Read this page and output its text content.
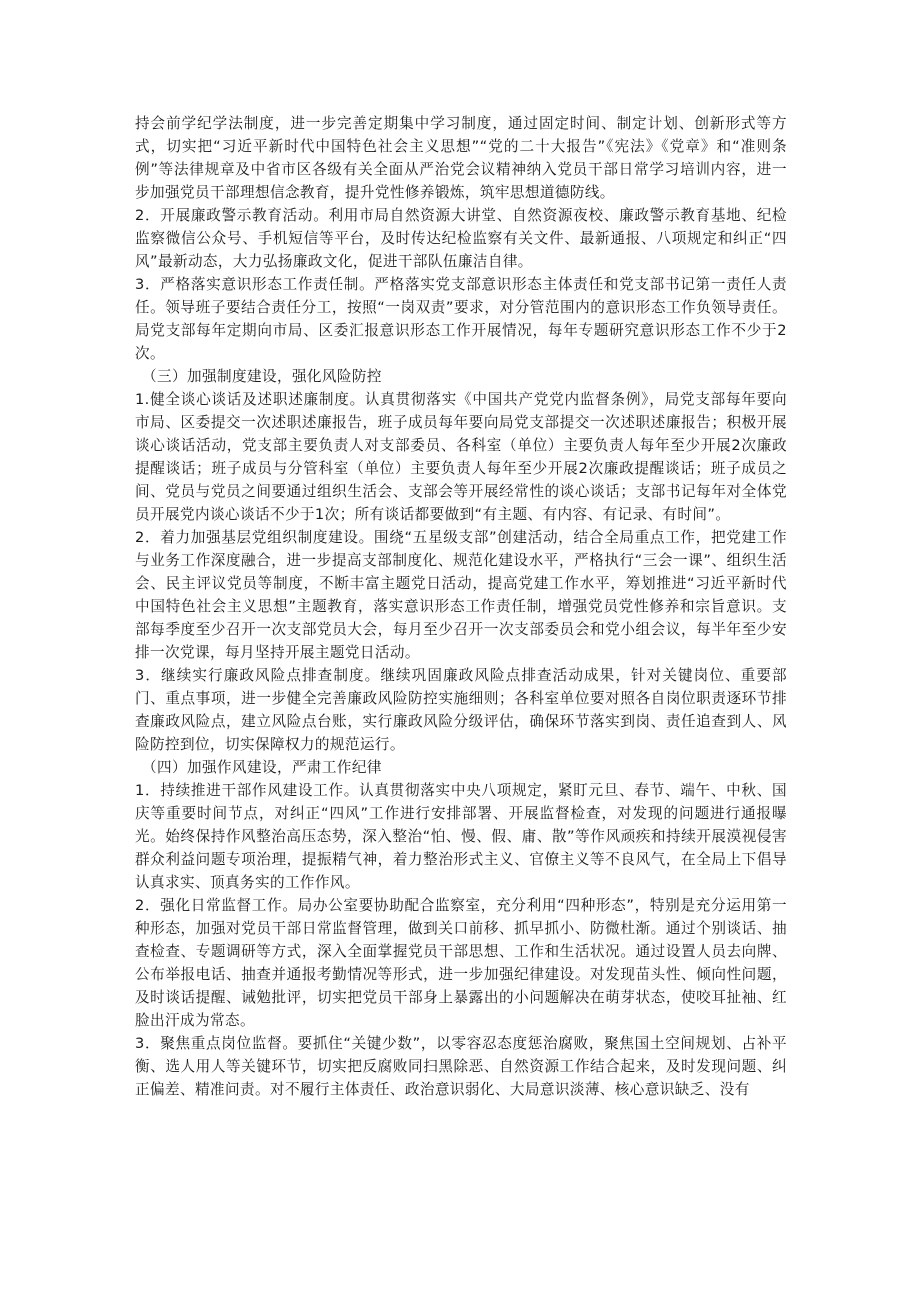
持会前学纪学法制度，进一步完善定期集中学习制度，通过固定时间、制定计划、创新形式等方式，切实把“习近平新时代中国特色社会主义思想”“党的二十大报告”《宪法》《党章》和“准则条例”等法律规章及中省市区各级有关全面从严治党会议精神纳入党员干部日常学习培训内容，进一步加强党员干部理想信念教育，提升党性修养锻炼，筑牢思想道德防线。

2．开展廉政警示教育活动。利用市局自然资源大讲堂、自然资源夜校、廉政警示教育基地、纪检监察微信公众号、手机短信等平台，及时传达纪检监察有关文件、最新通报、八项规定和纠正“四风”最新动态，大力弘扬廉政文化，促进干部队伍廉洁自律。

3．严格落实意识形态工作责任制。严格落实党支部意识形态主体责任和党支部书记第一责任人责任。领导班子要结合责任分工，按照“一岗双责”要求，对分管范围内的意识形态工作负领导责任。局党支部每年定期向市局、区委汇报意识形态工作开展情况，每年专题研究意识形态工作不少于2次。

（三）加强制度建设，强化风险防控

1.健全谈心谈话及述职述廉制度。认真贯彻落实《中国共产党党内监督条例》，局党支部每年要向市局、区委提交一次述职述廉报告，班子成员每年要向局党支部提交一次述职述廉报告；积极开展谈心谈话活动，党支部主要负责人对支部委员、各科室（单位）主要负责人每年至少开展2次廉政提醒谈话；班子成员与分管科室（单位）主要负责人每年至少开展2次廉政提醒谈话；班子成员之间、党员与党员之间要通过组织生活会、支部会等开展经常性的谈心谈话；支部书记每年对全体党员开展党内谈心谈话不少于1次；所有谈话都要做到“有主题、有内容、有记录、有时间”。

2．着力加强基层党组织制度建设。围绕“五星级支部”创建活动，结合全局重点工作，把党建工作与业务工作深度融合，进一步提高支部制度化、规范化建设水平，严格执行“三会一课”、组织生活会、民主评议党员等制度，不断丰富主题党日活动，提高党建工作水平，筹划推进“习近平新时代中国特色社会主义思想”主题教育，落实意识形态工作责任制，增强党员党性修养和宗旨意识。支部每季度至少召开一次支部党员大会，每月至少召开一次支部委员会和党小组会议，每半年至少安排一次党课，每月坚持开展主题党日活动。

3．继续实行廉政风险点排查制度。继续巩固廉政风险点排查活动成果，针对关键岗位、重要部门、重点事项，进一步健全完善廉政风险防控实施细则；各科室单位要对照各自岗位职责逐环节排查廉政风险点，建立风险点台账，实行廉政风险分级评估，确保环节落实到岗、责任追查到人、风险防控到位，切实保障权力的规范运行。

（四）加强作风建设，严肃工作纪律

1．持续推进干部作风建设工作。认真贯彻落实中央八项规定，紧盯元旦、春节、端午、中秋、国庆等重要时间节点，对纠正“四风”工作进行安排部署、开展监督检查，对发现的问题进行通报曝光。始终保持作风整治高压态势，深入整治“怕、慢、假、庸、散”等作风顽疾和持续开展漠视侵害群众利益问题专项治理，提振精气神，着力整治形式主义、官僚主义等不良风气，在全局上下倡导认真求实、顶真务实的工作作风。

2．强化日常监督工作。局办公室要协助配合监察室，充分利用“四种形态”，特别是充分运用第一种形态，加强对党员干部日常监督管理，做到关口前移、抓早抓小、防微杜渐。通过个别谈话、抽查检查、专题调研等方式，深入全面掌握党员干部思想、工作和生活状况。通过设置人员去向牌、公布举报电话、抽查并通报考勤情况等形式，进一步加强纪律建设。对发现苗头性、倾向性问题，及时谈话提醒、诫勉批评，切实把党员干部身上暴露出的小问题解决在萌芽状态，使咬耳扯袖、红脸出汗成为常态。

3．聚焦重点岗位监督。要抓住“关键少数”，以零容忍态度惩治腐败，聚焦国土空间规划、占补平衡、选人用人等关键环节，切实把反腐败同扫黑除恶、自然资源工作结合起来，及时发现问题、纠正偏差、精准问责。对不履行主体责任、政治意识弱化、大局意识淡薄、核心意识缺乏、没有
